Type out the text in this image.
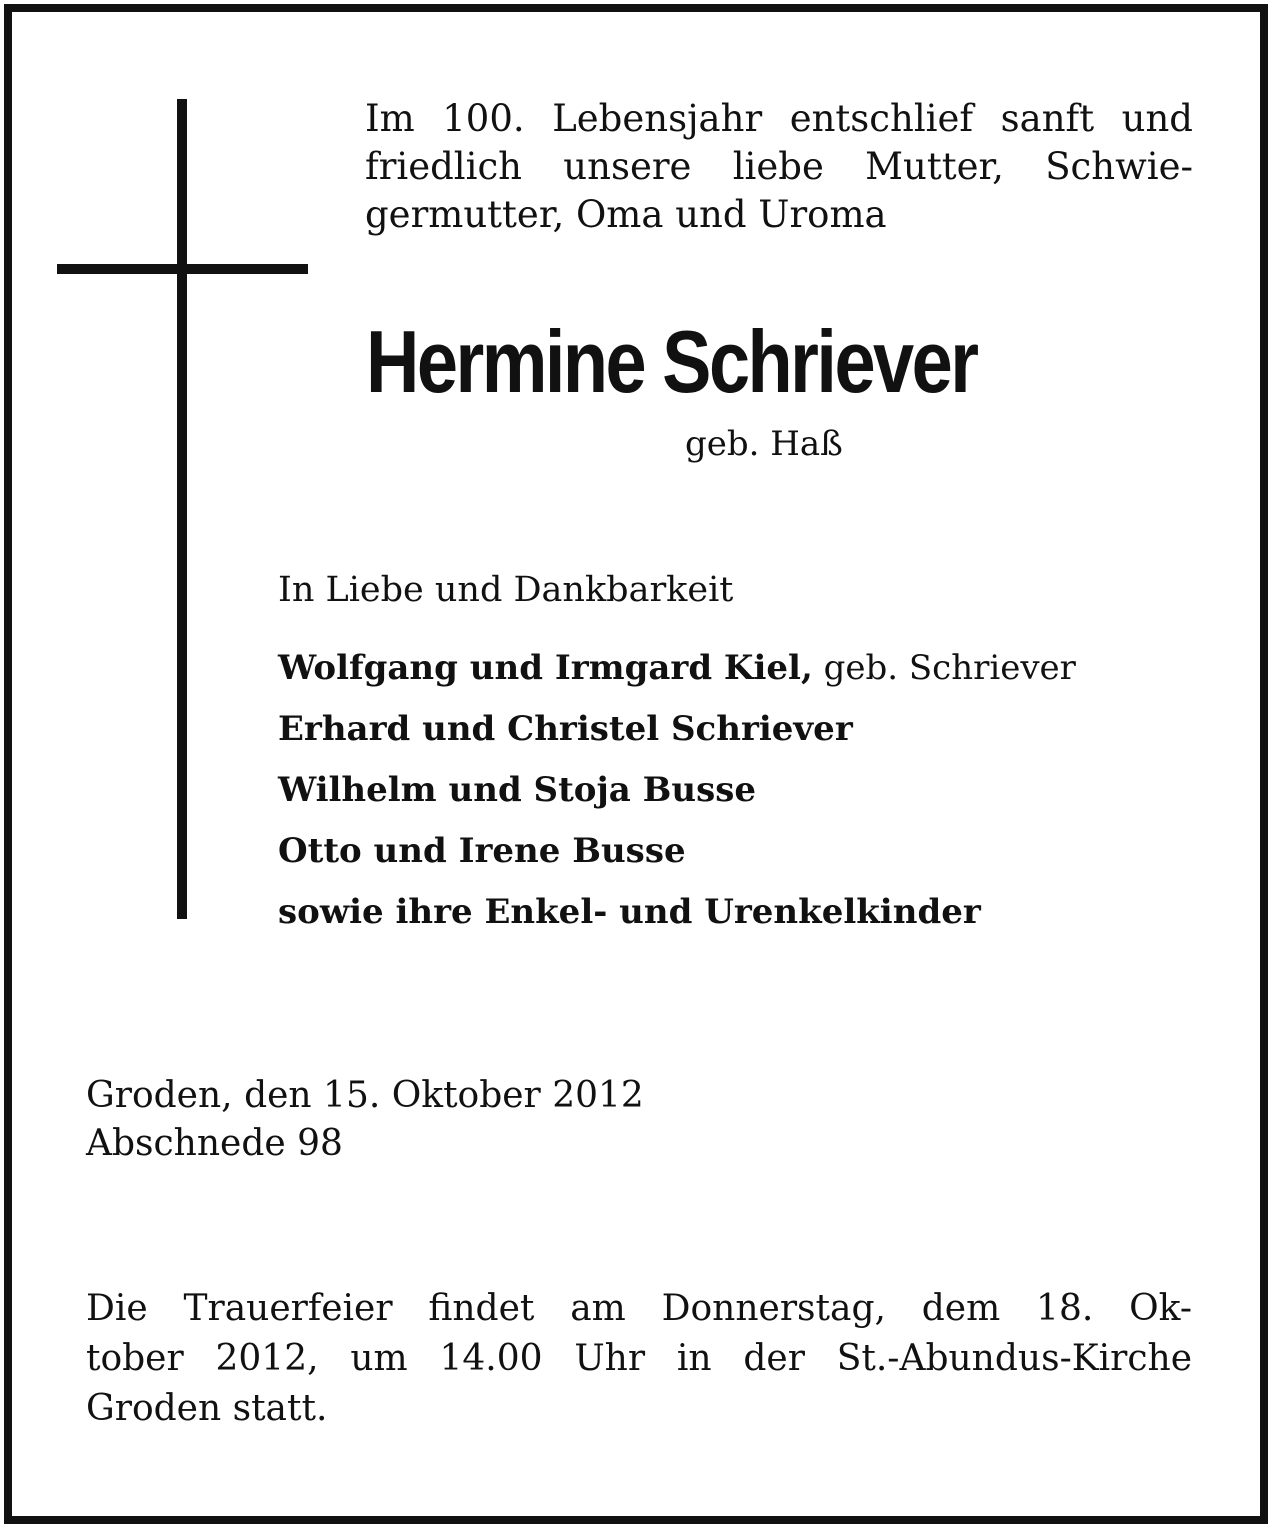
Im 100. Lebensjahr entschlief sanft und
friedlich unsere liebe Mutter, Schwie-
germutter, Oma und Uroma
Hermine Schriever
geb. Haß
In Liebe und Dankbarkeit
Wolfgang und Irmgard Kiel, geb. Schriever
Erhard und Christel Schriever
Wilhelm und Stoja Busse
Otto und Irene Busse
sowie ihre Enkel- und Urenkelkinder
Groden, den 15. Oktober 2012
Abschnede 98
Die Trauerfeier findet am Donnerstag, dem 18. Ok-
tober 2012, um 14.00 Uhr in der St.-Abundus-Kirche
Groden statt.
